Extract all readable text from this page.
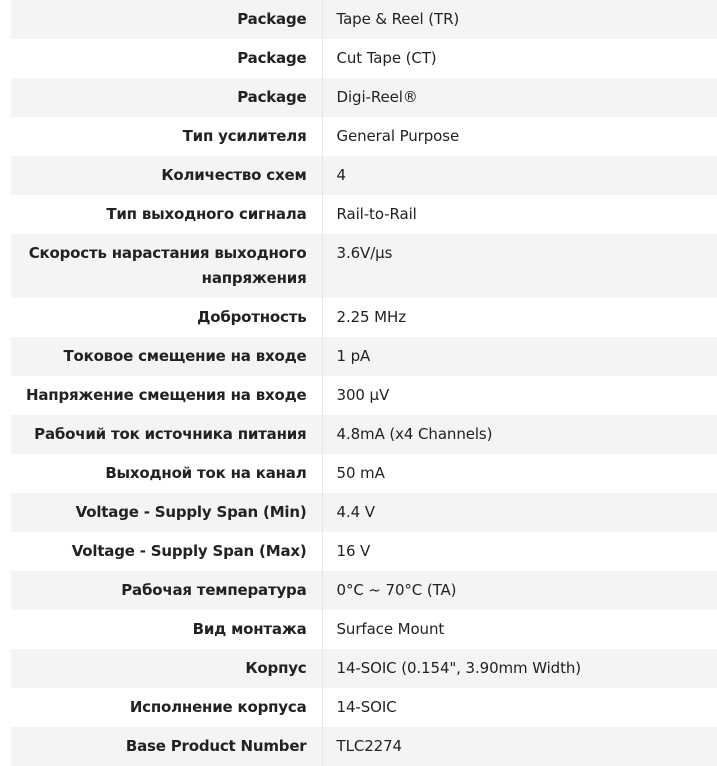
Package	Tape & Reel (TR)
Package	Cut Tape (CT)
Package	Digi-Reel®
Тип усилителя	General Purpose
Количество схем	4
Тип выходного сигнала	Rail-to-Rail
Скорость нарастания выходного напряжения	3.6V/µs
Добротность	2.25 MHz
Токовое смещение на входе	1 pA
Напряжение смещения на входе	300 µV
Рабочий ток источника питания	4.8mA (x4 Channels)
Выходной ток на канал	50 mA
Voltage - Supply Span (Min)	4.4 V
Voltage - Supply Span (Max)	16 V
Рабочая температура	0°C ~ 70°C (TA)
Вид монтажа	Surface Mount
Корпус	14-SOIC (0.154", 3.90mm Width)
Исполнение корпуса	14-SOIC
Base Product Number	TLC2274
